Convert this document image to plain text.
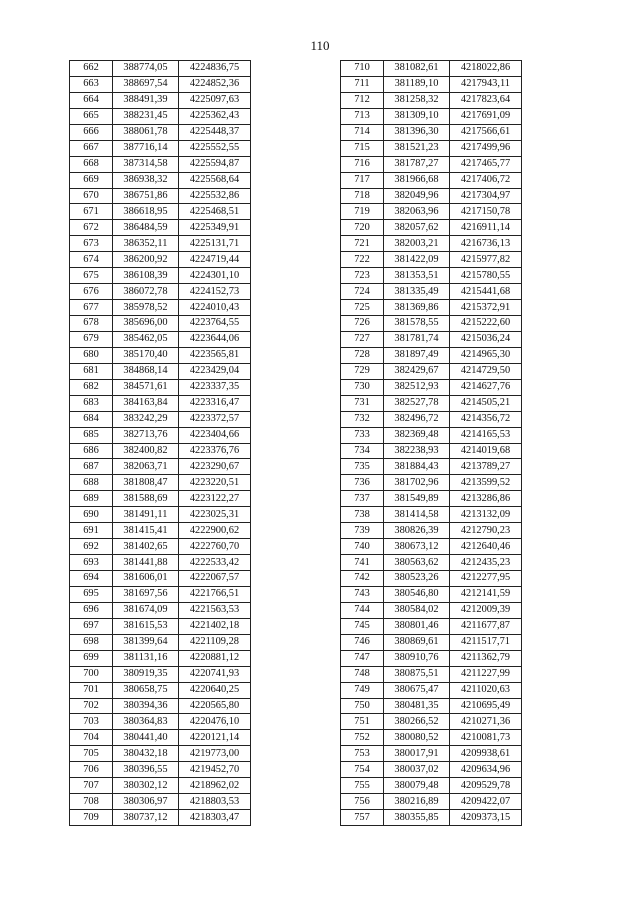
110
662	388774,05	4224836,75
663	388697,54	4224852,36
664	388491,39	4225097,63
665	388231,45	4225362,43
666	388061,78	4225448,37
667	387716,14	4225552,55
668	387314,58	4225594,87
669	386938,32	4225568,64
670	386751,86	4225532,86
671	386618,95	4225468,51
672	386484,59	4225349,91
673	386352,11	4225131,71
674	386200,92	4224719,44
675	386108,39	4224301,10
676	386072,78	4224152,73
677	385978,52	4224010,43
678	385696,00	4223764,55
679	385462,05	4223644,06
680	385170,40	4223565,81
681	384868,14	4223429,04
682	384571,61	4223337,35
683	384163,84	4223316,47
684	383242,29	4223372,57
685	382713,76	4223404,66
686	382400,82	4223376,76
687	382063,71	4223290,67
688	381808,47	4223220,51
689	381588,69	4223122,27
690	381491,11	4223025,31
691	381415,41	4222900,62
692	381402,65	4222760,70
693	381441,88	4222533,42
694	381606,01	4222067,57
695	381697,56	4221766,51
696	381674,09	4221563,53
697	381615,53	4221402,18
698	381399,64	4221109,28
699	381131,16	4220881,12
700	380919,35	4220741,93
701	380658,75	4220640,25
702	380394,36	4220565,80
703	380364,83	4220476,10
704	380441,40	4220121,14
705	380432,18	4219773,00
706	380396,55	4219452,70
707	380302,12	4218962,02
708	380306,97	4218803,53
709	380737,12	4218303,47
710	381082,61	4218022,86
711	381189,10	4217943,11
712	381258,32	4217823,64
713	381309,10	4217691,09
714	381396,30	4217566,61
715	381521,23	4217499,96
716	381787,27	4217465,77
717	381966,68	4217406,72
718	382049,96	4217304,97
719	382063,96	4217150,78
720	382057,62	4216911,14
721	382003,21	4216736,13
722	381422,09	4215977,82
723	381353,51	4215780,55
724	381335,49	4215441,68
725	381369,86	4215372,91
726	381578,55	4215222,60
727	381781,74	4215036,24
728	381897,49	4214965,30
729	382429,67	4214729,50
730	382512,93	4214627,76
731	382527,78	4214505,21
732	382496,72	4214356,72
733	382369,48	4214165,53
734	382238,93	4214019,68
735	381884,43	4213789,27
736	381702,96	4213599,52
737	381549,89	4213286,86
738	381414,58	4213132,09
739	380826,39	4212790,23
740	380673,12	4212640,46
741	380563,62	4212435,23
742	380523,26	4212277,95
743	380546,80	4212141,59
744	380584,02	4212009,39
745	380801,46	4211677,87
746	380869,61	4211517,71
747	380910,76	4211362,79
748	380875,51	4211227,99
749	380675,47	4211020,63
750	380481,35	4210695,49
751	380266,52	4210271,36
752	380080,52	4210081,73
753	380017,91	4209938,61
754	380037,02	4209634,96
755	380079,48	4209529,78
756	380216,89	4209422,07
757	380355,85	4209373,15
